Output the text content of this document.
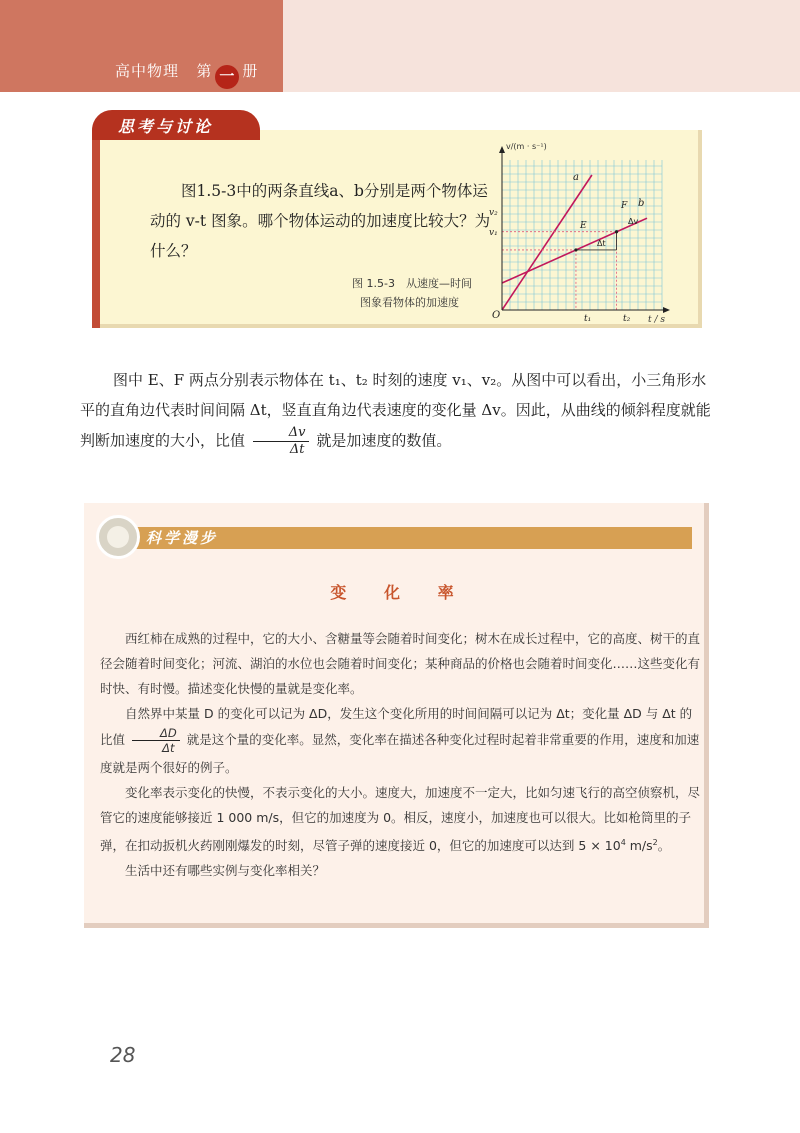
高中物理 第 一 册
思考与讨论

图1.5-3中的两条直线a、b分别是两个物体运动的 v-t 图象。哪个物体运动的加速度比较大？为什么？

图 1.5-3　从速度—时间
图象看物体的加速度
v/(m · s⁻¹)
t / s
O
v₂
v₁
t₁	t₂
a
b
E
F
Δv
Δt

图中 E、F 两点分别表示物体在 t₁、t₂ 时刻的速度 v₁、v₂。从图中可以看出，小三角形水平的直角边代表时间间隔 Δt，竖直直角边代表速度的变化量 Δv。因此，从曲线的倾斜程度就能判断加速度的大小，比值 $\frac{\Delta v}{\Delta t}$ 就是加速度的数值。

科学漫步
变 化 率

西红柿在成熟的过程中，它的大小、含糖量等会随着时间变化；树木在成长过程中，它的高度、树干的直径会随着时间变化；河流、湖泊的水位也会随着时间变化；某种商品的价格也会随着时间变化……这些变化有时快、有时慢。描述变化快慢的量就是变化率。

自然界中某量 D 的变化可以记为 ΔD，发生这个变化所用的时间间隔可以记为 Δt；变化量 ΔD 与 Δt 的比值 $\frac{\Delta D}{\Delta t}$ 就是这个量的变化率。显然，变化率在描述各种变化过程时起着非常重要的作用，速度和加速度就是两个很好的例子。

变化率表示变化的快慢，不表示变化的大小。速度大，加速度不一定大，比如匀速飞行的高空侦察机，尽管它的速度能够接近 1 000 m/s，但它的加速度为 0。相反，速度小，加速度也可以很大。比如枪筒里的子弹，在扣动扳机火药刚刚爆发的时刻，尽管子弹的速度接近 0，但它的加速度可以达到 $5 \times 10^4$ $m/s^2$。

生活中还有哪些实例与变化率相关？

28
